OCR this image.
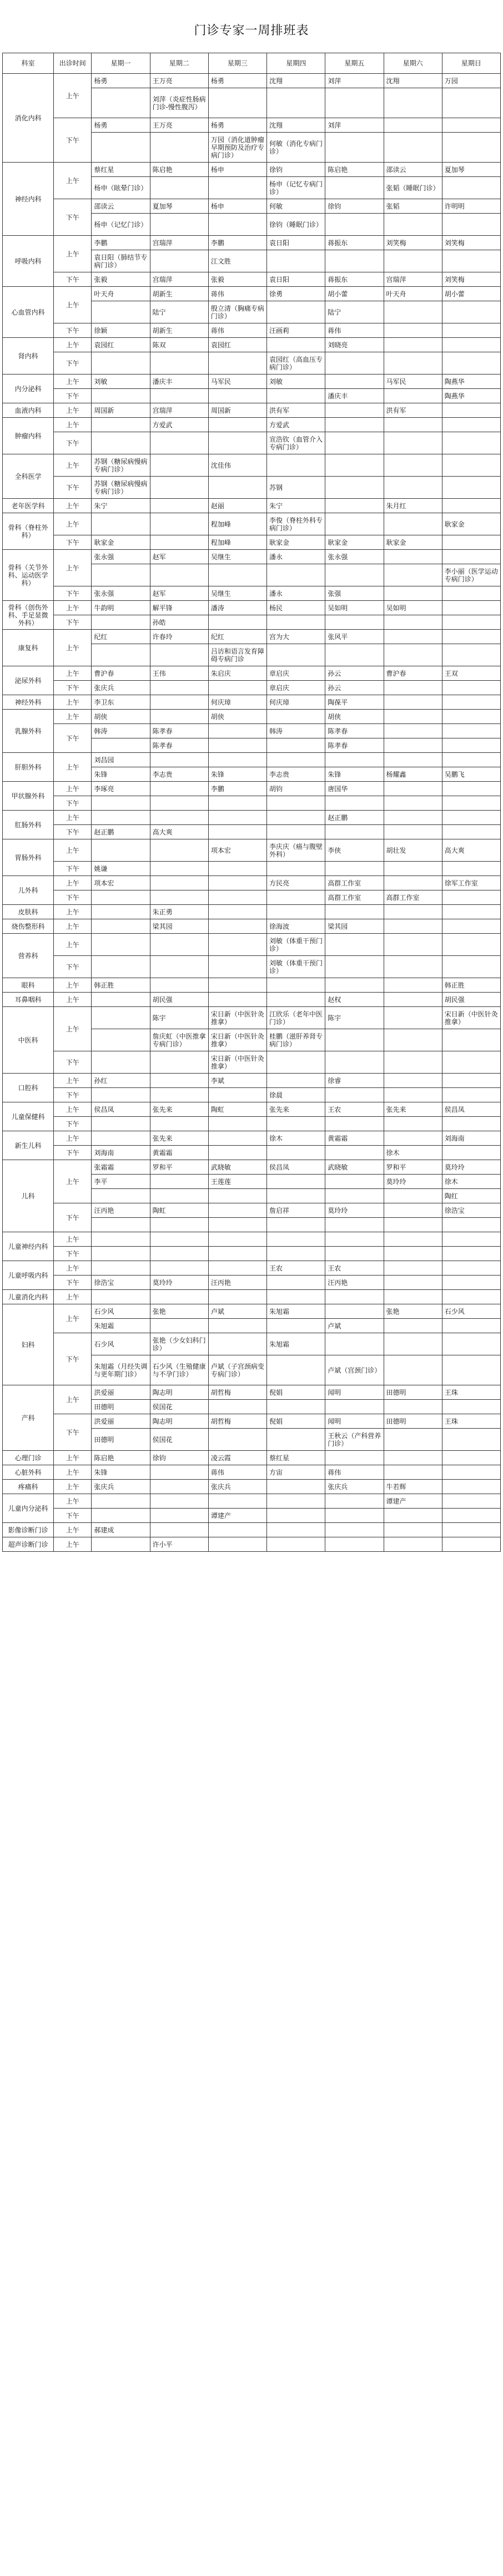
门诊专家一周排班表
科室	出诊时间	星期一	星期二	星期三	星期四	星期五	星期六	星期日
消化内科	上午	杨勇	王万亮	杨勇	沈翔	刘萍	沈翔	万园
			刘萍（炎症性肠病门诊-慢性腹泻）					
	下午	杨勇	王万亮	杨勇	沈翔	刘萍		
				万园（消化道肿瘤早期预防及治疗专病门诊）	何敏（消化专病门诊）			
神经内科	上午	蔡红星	陈启艳	杨申	徐钧	陈启艳	邵读云	夏加琴
		杨申（眩晕门诊）			杨申（记忆专病门诊）		张韬（睡眠门诊）	
	下午	邵读云	夏加琴	杨申	何敏	徐钧	张韬	许明明
		杨申（记忆门诊）			徐钧（睡眠门诊）			
呼吸内科	上午	李鹏	宫瑞萍	李鹏	袁日阳	蒋振东	刘笑梅	刘笑梅
		袁日阳（肺结节专病门诊）		江文胜				
	下午	张毅	宫瑞萍	张毅	袁日阳	蒋振东	宫瑞萍	刘笑梅
心血管内科	上午	叶天舟	胡新生	蒋伟	徐勇	胡小蕾	叶天舟	胡小蕾
			陆宁	殷立清（胸痛专病门诊）		陆宁		
	下午	徐颖	胡新生	蒋伟	汪画莉	蒋伟		
肾内科	上午	袁园红	陈双	袁园红		刘晓亮		
	下午				袁园红（高血压专病门诊）			
内分泌科	上午	刘敏	潘庆丰	马军民	刘敏		马军民	陶燕华
	下午					潘庆丰		陶燕华
血液内科	上午	周国新	宫瑞萍	周国新	洪有军		洪有军	
肿瘤内科	上午		方爱武		方爱武			
	下午				宣浩钦（血管介入专病门诊）			
全科医学	上午	苏钢（糖尿病慢病专病门诊）		沈佳伟				
	下午	苏钢（糖尿病慢病专病门诊）			苏钢			
老年医学科	上午	朱宁		赵丽	朱宁		朱月红	
骨科（脊柱外科）	上午			程加峰	李俊（脊柱外科专病门诊）			耿家金
	下午	耿家金		程加峰	耿家金	耿家金	耿家金	
骨科（关节外科、运动医学科）	上午	张永强	赵军	吴继生	潘永	张永强		
								李小丽（医学运动专病门诊）
	下午	张永强	赵军	吴继生	潘永	张强		
骨科（创伤外科、手足显微外科）	上午	牛韵明	解平锋	潘涛	杨民	吴如明	吴如明	
	下午		孙皓					
康复科	上午	纪红	许春玲	纪红	宫为大	张风平		
				吕访和语言发育障碍专病门诊				
泌尿外科	上午	曹沪春	王伟	朱启庆	章启庆	孙云	曹沪春	王双
	下午	张庆兵			章启庆	孙云		
神经外科	上午	李卫东		何庆璋	何庆璋	陶葆平		
乳腺外科	上午	胡侠		胡侠		胡侠		
	下午	韩涛	陈孝春		韩涛	陈孝春		
			陈孝春			陈孝春		
肝胆外科	上午	刘昌园						
		朱锋	李志贵	朱锋	李志贵	朱锋	杨耀鑫	吴鹏飞
甲状腺外科	上午	李琢亮		李鹏	胡钧	唐国华		
	下午							
肛肠外科	上午					赵正鹏		
	下午	赵正鹏	高大爽					
胃肠外科	上午			项本宏	李庆庆（癌与腹壁外科）	李侠	胡壮发	高大爽
	下午	姚谦						
儿外科	上午	项本宏			方民亮	高群工作室		徐军工作室
	下午					高群工作室	高群工作室	
皮肤科	上午		朱正勇					
烧伤整形科	上午		梁其园		徐海波	梁其园		
营养科	上午				刘敏（体重干预门诊）			
	下午				刘敏（体重干预门诊）			
眼科	上午	韩正胜						韩正胜
耳鼻咽科	上午		胡民强			赵权		胡民强
中医科	上午		陈宇	宋日新（中医针灸推拿）	江欣乐（老年中医门诊）	陈宇		宋日新（中医针灸推拿）
			詹庆虹（中医推拿专病门诊）	宋日新（中医针灸推拿）	桂鹏（滋肝养肾专病门诊）			
	下午			宋日新（中医针灸推拿）				
口腔科	上午	孙红		李斌		徐睿		
	下午				徐晨			
儿童保健科	上午	侯昌凤	张先来	陶虹	张先来	王农	张先来	侯昌凤
	下午							
新生儿科	上午		张先来		徐木	黄霜霜		刘海南
	下午	刘海南	黄霜霜				徐木	
儿科	上午	张霜霜	罗和平	武晓敏	侯昌凤	武晓敏	罗和平	莫玲玲
		李平		王莲莲			莫玲玲	徐木
								陶红
	下午	汪丙艳	陶虹		詹启祥	莫玲玲		徐浩宝

儿童神经内科	上午							
	下午							
儿童呼吸内科	上午				王农	王农		
	下午	徐浩宝	莫玲玲	汪丙艳		汪丙艳		
儿童消化内科	上午							
妇科	上午	石少风	张艳	卢斌	朱旭霜		张艳	石少风
		朱旭霜				卢斌		
	下午	石少风	张艳（少女妇科门诊）		朱旭霜			
		朱旭霜（月经失调与更年期门诊）	石少风（生殖健康与不孕门诊）	卢斌（子宫颈病变专病门诊）		卢斌（宫颈门诊）		
产科	上午	洪爱丽	陶志明	胡哲梅	倪娟	闻明	田德明	王珠
		田德明	侯国花					
	下午	洪爱丽	陶志明	胡哲梅	倪娟	闻明	田德明	王珠
		田德明	侯国花			王秋云（产科营养门诊）		
心理门诊	上午	陈启艳	徐钧	凌云霞	蔡红星			
心脏外科	上午	朱锋		蒋伟	方宙	蒋伟		
疼痛科	上午	张庆兵		张庆兵		张庆兵	牛若辉	
儿童内分泌科	上午						谭建产	
	下午			谭建产				
影像诊断门诊	上午	郝建成						
超声诊断门诊	上午		许小平					
